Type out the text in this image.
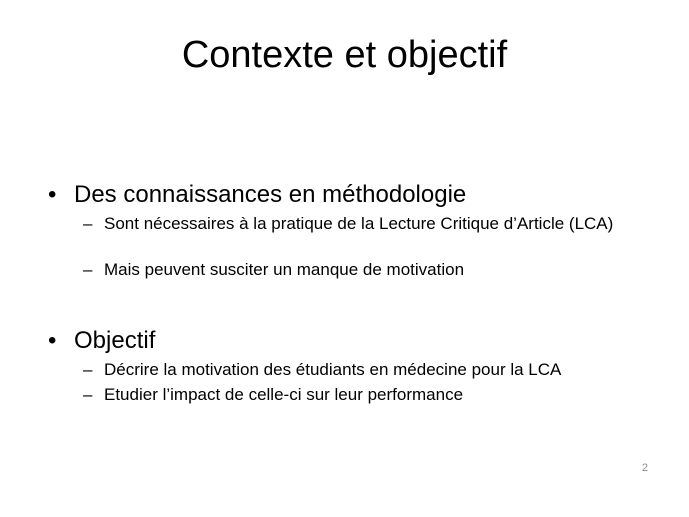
Contexte et objectif
• Des connaissances en méthodologie
– Sont nécessaires à la pratique de la Lecture Critique d’Article (LCA)
– Mais peuvent susciter un manque de motivation
• Objectif
– Décrire la motivation des étudiants en médecine pour la LCA
– Etudier l’impact de celle-ci sur leur performance
2
